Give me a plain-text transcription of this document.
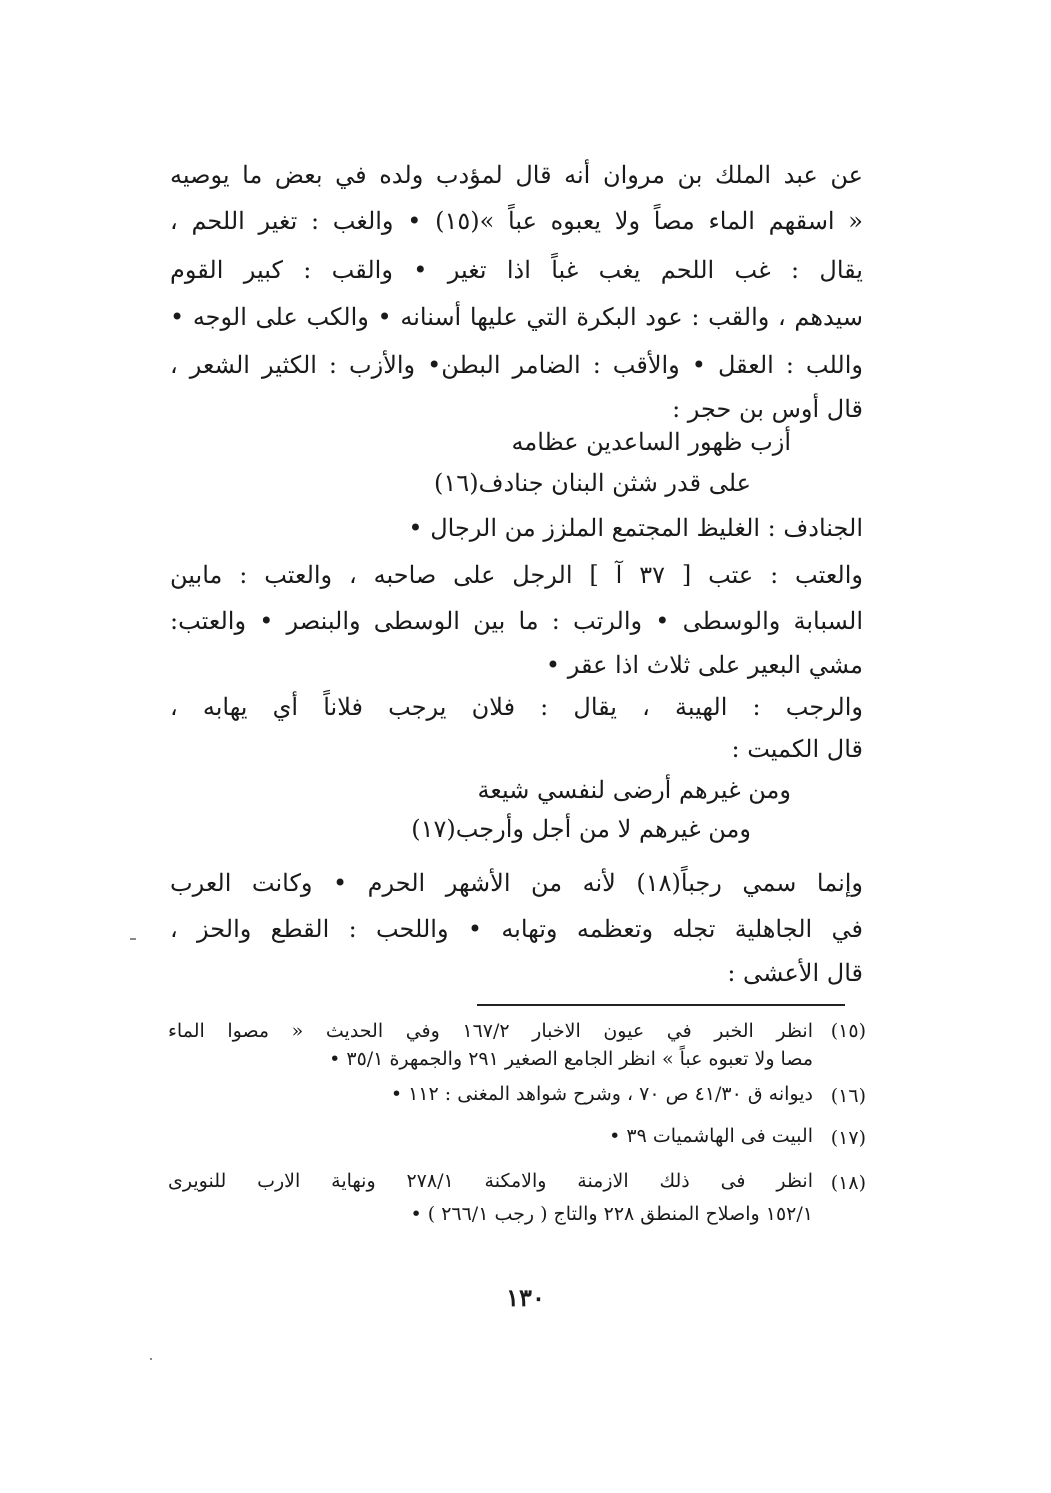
عن عبد الملك بن مروان أنه قال لمؤدب ولده في بعض ما يوصيه
« اسقهم الماء مصاً ولا يعبوه عباً »(١٥) • والغب : تغير اللحم ،
يقال : غب اللحم يغب غباً اذا تغير • والقب : كبير القوم
سيدهم ، والقب : عود البكرة التي عليها أسنانه • والكب على الوجه •
واللب : العقل • والأقب : الضامر البطن• والأزب : الكثير الشعر ،
قال أوس بن حجر :
أزب ظهور الساعدين عظامه
على قدر شثن البنان جنادف(١٦)
الجنادف : الغليظ المجتمع الملزز من الرجال •
والعتب : عتب [ ٣٧ آ ] الرجل على صاحبه ، والعتب : مابين
السبابة والوسطى • والرتب : ما بين الوسطى والبنصر • والعتب:
مشي البعير على ثلاث اذا عقر •
والرجب : الهيبة ، يقال : فلان يرجب فلاناً أي يهابه ،
قال الكميت :
ومن غيرهم أرضى لنفسي شيعة
ومن غيرهم لا من أجل وأرجب(١٧)
وإنما سمي رجباً(١٨) لأنه من الأشهر الحرم • وكانت العرب
في الجاهلية تجله وتعظمه وتهابه • واللحب : القطع والحز ،
قال الأعشى :
(١٥)
انظر الخبر في عيون الاخبار ١٦٧/٢ وفي الحديث « مصوا الماء
مصا ولا تعبوه عباً » انظر الجامع الصغير ٢٩١ والجمهرة ٣٥/١ •
(١٦)
ديوانه ق ٤١/٣٠ ص ٧٠ ، وشرح شواهد المغنى : ١١٢ •
(١٧)
البيت فى الهاشميات ٣٩ •
(١٨)
انظر فى ذلك الازمنة والامكنة ٢٧٨/١ ونهاية الارب للنويرى
١٥٢/١ واصلاح المنطق ٢٢٨ والتاج ( رجب ٢٦٦/١ ) •
١٣٠
